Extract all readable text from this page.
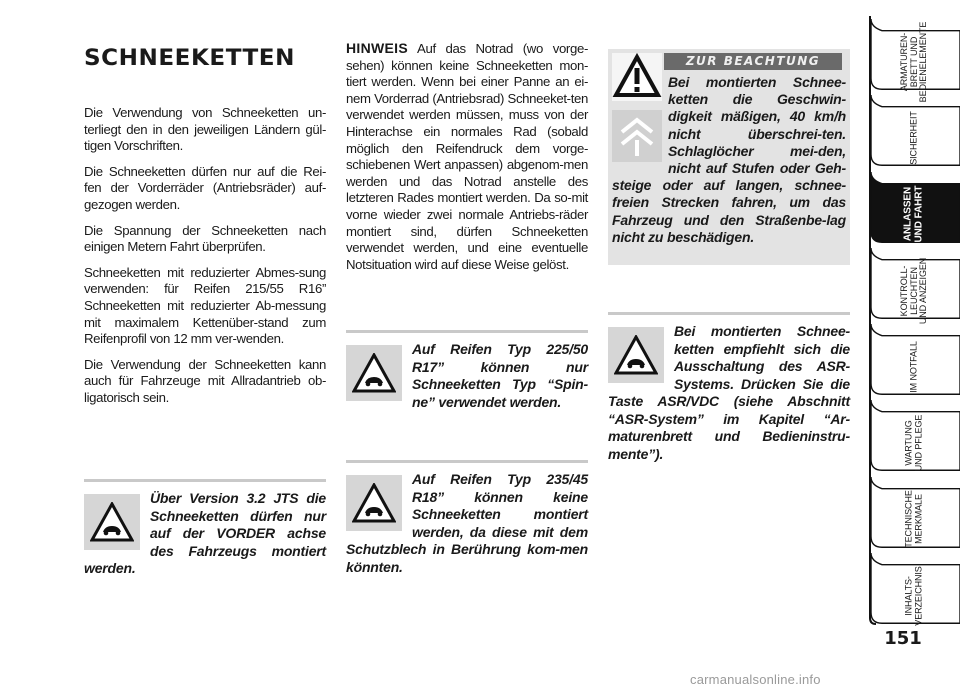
SCHNEEKETTEN

Die Verwendung von Schneeketten un-terliegt den in den jeweiligen Ländern gül-tigen Vorschriften.

Die Schneeketten dürfen nur auf die Rei-fen der Vorderräder (Antriebsräder) auf-gezogen werden.

Die Spannung der Schneeketten nach einigen Metern Fahrt überprüfen.

Schneeketten mit reduzierter Abmes-sung verwenden: für Reifen 215/55 R16” Schneeketten mit reduzierter Ab-messung mit maximalem Kettenüber-stand zum Reifenprofil von 12 mm ver-wenden.

Die Verwendung der Schneeketten kann auch für Fahrzeuge mit Allradantrieb ob-ligatorisch sein.

Über Version 3.2 JTS die Schneeketten dürfen nur auf der VORDER achse des Fahrzeugs montiert werden.

HINWEIS Auf das Notrad (wo vorge-sehen) können keine Schneeketten mon-tiert werden. Wenn bei einer Panne an ei-nem Vorderrad (Antriebsrad) Schneeket-ten verwendet werden müssen, muss von der Hinterachse ein normales Rad (sobald möglich den Reifendruck dem vorge-schiebenen Wert anpassen) abgenom-men werden und das Notrad anstelle des letzteren Rades montiert werden. Da so-mit vorne wieder zwei normale Antriebs-räder montiert sind, dürfen Schneeketten verwendet werden, und eine eventuelle Notsituation wird auf diese Weise gelöst.

Auf Reifen Typ 225/50 R17” können nur Schneeketten Typ “Spin-ne” verwendet werden.
Auf Reifen Typ 235/45 R18” können keine Schneeketten montiert werden, da diese mit dem Schutzblech in Berührung kom-men könnten.
ZUR BEACHTUNG

Bei montierten Schnee-ketten die Geschwin-digkeit mäßigen, 40 km/h nicht überschrei-ten. Schlaglöcher mei-den, nicht auf Stufen oder Geh-steige oder auf langen, schnee-freien Strecken fahren, um das Fahrzeug und den Straßenbe-lag nicht zu beschädigen.
Bei montierten Schnee-ketten empfiehlt sich die Ausschaltung des ASR-Systems. Drücken Sie die Taste ASR/VDC (siehe Abschnitt “ASR-System” im Kapitel “Ar-maturenbrett und Bedieninstru-mente”).
ARMATUREN- BRETT UND BEDIENELEMENTE
SICHERHEIT
ANLASSEN UND FAHRT
KONTROLL- LEUCHTEN UND ANZEIGEN
IM NOTFALL
WARTUNG UND PFLEGE
TECHNISCHE MERKMALE
INHALTS- VERZEICHNIS
151
carmanualsonline.info
